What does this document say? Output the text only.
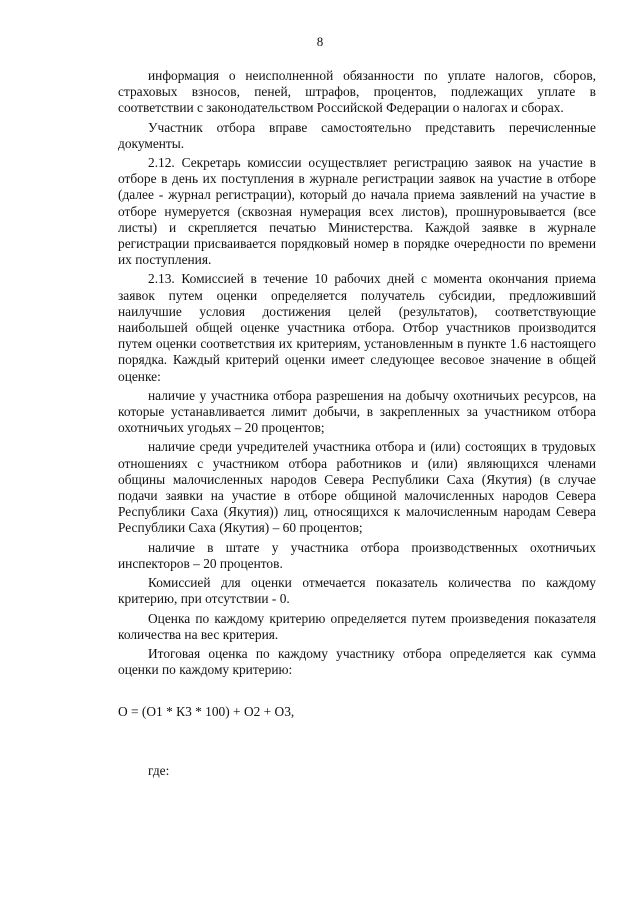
8

информация о неисполненной обязанности по уплате налогов, сборов, страховых взносов, пеней, штрафов, процентов, подлежащих уплате в соответствии с законодательством Российской Федерации о налогах и сборах.

Участник отбора вправе самостоятельно представить перечисленные документы.

2.12. Секретарь комиссии осуществляет регистрацию заявок на участие в отборе в день их поступления в журнале регистрации заявок на участие в отборе (далее - журнал регистрации), который до начала приема заявлений на участие в отборе нумеруется (сквозная нумерация всех листов), прошнуровывается (все листы) и скрепляется печатью Министерства. Каждой заявке в журнале регистрации присваивается порядковый номер в порядке очередности по времени их поступления.

2.13. Комиссией в течение 10 рабочих дней с момента окончания приема заявок путем оценки определяется получатель субсидии, предложивший наилучшие условия достижения целей (результатов), соответствующие наибольшей общей оценке участника отбора. Отбор участников производится путем оценки соответствия их критериям, установленным в пункте 1.6 настоящего порядка. Каждый критерий оценки имеет следующее весовое значение в общей оценке:

наличие у участника отбора разрешения на добычу охотничьих ресурсов, на которые устанавливается лимит добычи, в закрепленных за участником отбора охотничьих угодьях – 20 процентов;

наличие среди учредителей участника отбора и (или) состоящих в трудовых отношениях с участником отбора работников и (или) являющихся членами общины малочисленных народов Севера Республики Саха (Якутия) (в случае подачи заявки на участие в отборе общиной малочисленных народов Севера Республики Саха (Якутия)) лиц, относящихся к малочисленным народам Севера Республики Саха (Якутия) – 60 процентов;

наличие в штате у участника отбора производственных охотничьих инспекторов – 20 процентов.

Комиссией для оценки отмечается показатель количества по каждому критерию, при отсутствии - 0.

Оценка по каждому критерию определяется путем произведения показателя количества на вес критерия.

Итоговая оценка по каждому участнику отбора определяется как сумма оценки по каждому критерию:

О = (О1 * К3 * 100) + О2 + О3,

где:
